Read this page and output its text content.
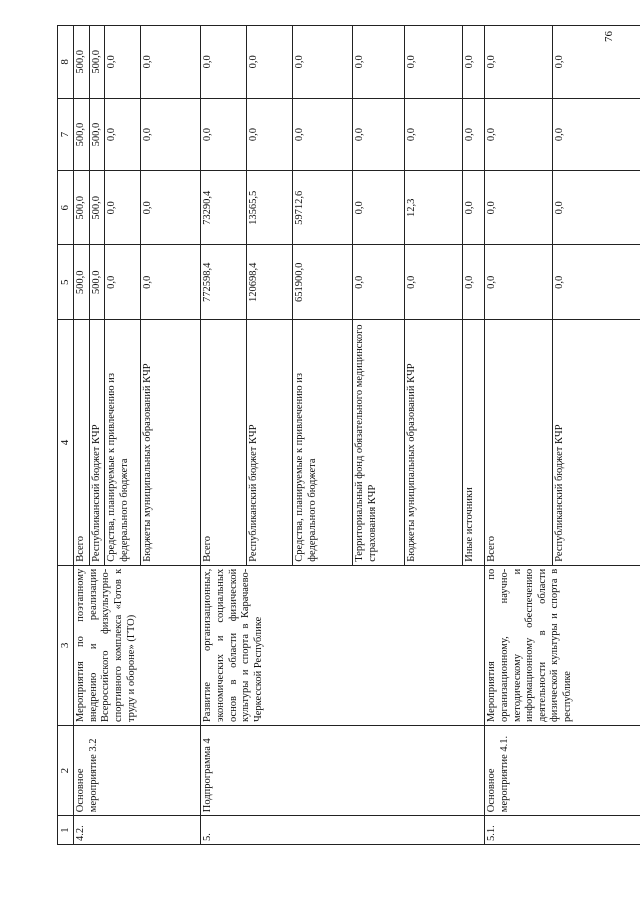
76
1	2	3	4	5	6	7	8
4.2.	Основное мероприятие 3.2	Мероприятия по поэтапному внедрению и реализации Всероссийского физкультурно-спортивного комплекса «Готов к труду и обороне» (ГТО)	Всего	500,0	500,0	500,0	500,0
			Республиканский бюджет КЧР	500,0	500,0	500,0	500,0
			Средства, планируемые к привлечению из федерального бюджета	0,0	0,0	0,0	0,0
			Бюджеты муниципальных образований КЧР	0,0	0,0	0,0	0,0
5.	Подпрограмма 4	Развитие организационных, экономических и социальных основ в области физической культуры и спорта в Карачаево-Черкесской Республике	Всего	772598,4	73290,4	0,0	0,0
			Республиканский бюджет КЧР	120698,4	13565,5	0,0	0,0
			Средства, планируемые к привлечению из федерального бюджета	651900,0	59712,6	0,0	0,0
			Территориальный фонд обязательного медицинского страхования КЧР	0,0	0,0	0,0	0,0
			Бюджеты муниципальных образований КЧР	0,0	12,3	0,0	0,0
			Иные источники	0,0	0,0	0,0	0,0
5.1.	Основное мероприятие 4.1.	Мероприятия по организационному, научно-методическому и информационному обеспечению деятельности в области физической культуры и спорта в республике	Всего	0,0	0,0	0,0	0,0
			Республиканский бюджет КЧР	0,0	0,0	0,0	0,0
